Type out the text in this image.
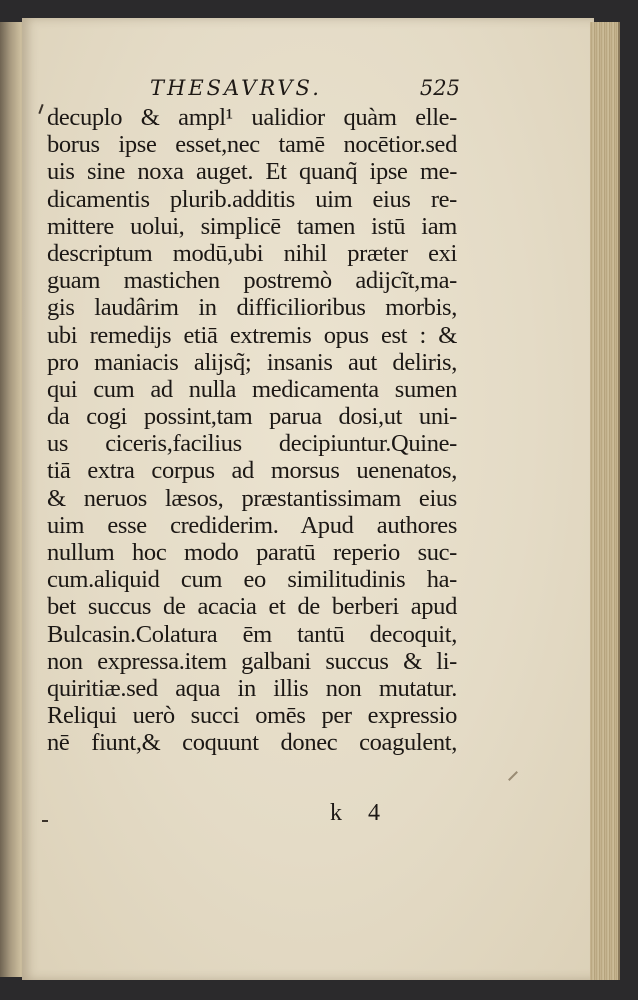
THESAVRVS.	525
decuplo & ampl¹ ualidior quàm elle-
borus ipse esset,nec tamē nocētior.sed
uis sine noxa auget. Et quanq̃ ipse me-
dicamentis plurib.additis uim eius re-
mittere uolui, simplicē tamen istū iam
descriptum modū,ubi nihil præter exi
guam mastichen postremò adijcĩt,ma-
gis laudârim in difficilioribus morbis,
ubi remedijs etiā extremis opus est : &
pro maniacis alijsq̃; insanis aut deliris,
qui cum ad nulla medicamenta sumen
da cogi possint,tam parua dosi,ut uni-
us ciceris,facilius decipiuntur.Quine-
tiā extra corpus ad morsus uenenatos,
& neruos læsos, præstantissimam eius
uim esse crediderim. Apud authores
nullum hoc modo paratū reperio suc-
cum.aliquid cum eo similitudinis ha-
bet succus de acacia et de berberi apud
Bulcasin.Colatura ēm tantū decoquit,
non expressa.item galbani succus & li-
quiritiæ.sed aqua in illis non mutatur.
Reliqui uerò succi omēs per expressio
nē fiunt,& coquunt donec coagulent,
k 4
